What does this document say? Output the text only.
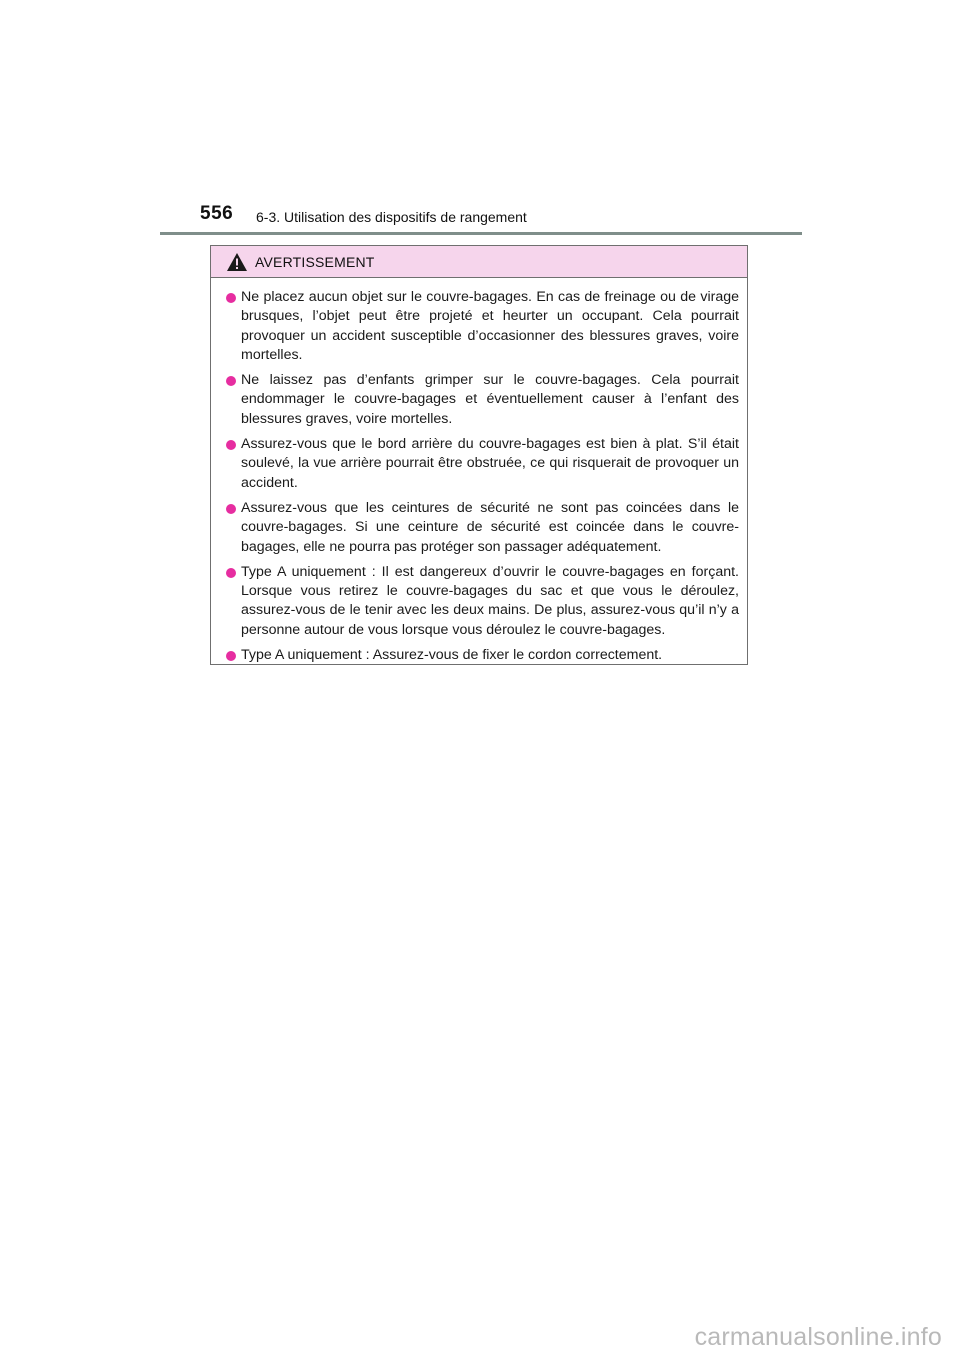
556 6-3. Utilisation des dispositifs de rangement
AVERTISSEMENT
Ne placez aucun objet sur le couvre-bagages. En cas de freinage ou de virage brusques, l’objet peut être projeté et heurter un occupant. Cela pourrait provoquer un accident susceptible d’occasionner des blessures graves, voire mortelles.
Ne laissez pas d’enfants grimper sur le couvre-bagages. Cela pourrait endommager le couvre-bagages et éventuellement causer à l’enfant des blessures graves, voire mortelles.
Assurez-vous que le bord arrière du couvre-bagages est bien à plat. S’il était soulevé, la vue arrière pourrait être obstruée, ce qui risquerait de provoquer un accident.
Assurez-vous que les ceintures de sécurité ne sont pas coincées dans le couvre-bagages. Si une ceinture de sécurité est coincée dans le couvre-bagages, elle ne pourra pas protéger son passager adéquatement.
Type A uniquement : Il est dangereux d’ouvrir le couvre-bagages en forçant. Lorsque vous retirez le couvre-bagages du sac et que vous le déroulez, assurez-vous de le tenir avec les deux mains. De plus, assurez-vous qu’il n’y a personne autour de vous lorsque vous déroulez le couvre-bagages.
Type A uniquement : Assurez-vous de fixer le cordon correctement.
carmanualsonline.info
